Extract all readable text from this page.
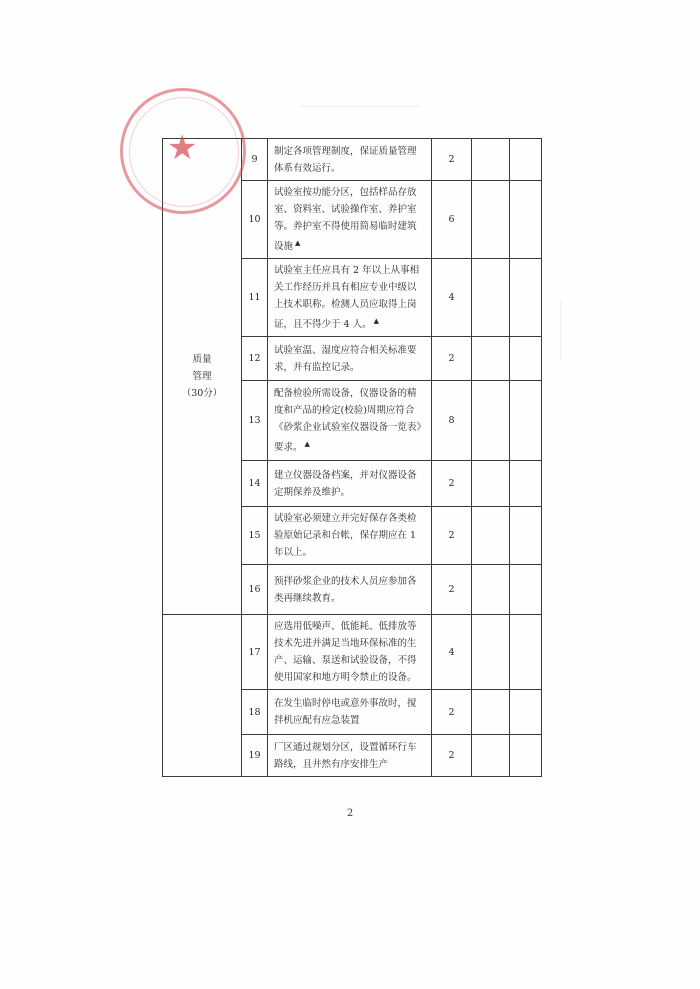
质量
管理
（30分）	9	制定各项管理制度，保证质量管理体系有效运行。	2		
	10	试验室按功能分区，包括样品存放室、资料室、试验操作室、养护室等。养护室不得使用简易临时建筑设施 ▲	6		
	11	试验室主任应具有 2 年以上从事相关工作经历并具有相应专业中级以上技术职称。检测人员应取得上岗证，且不得少于 4 人。 ▲	4		
	12	试验室温、湿度应符合相关标准要求，并有监控记录。	2		
	13	配备检验所需设备，仪器设备的精度和产品的检定(校验)周期应符合《砂浆企业试验室仪器设备一览表》要求。 ▲	8		
	14	建立仪器设备档案，并对仪器设备定期保养及维护。	2		
	15	试验室必须建立并完好保存各类检验原始记录和台帐，保存期应在 1 年以上。	2		
	16	预拌砂浆企业的技术人员应参加各类再继续教育。	2		
	17	应选用低噪声、低能耗、低排放等技术先进并满足当地环保标准的生产、运输、泵送和试验设备，不得使用国家和地方明令禁止的设备。	4		
	18	在发生临时停电或意外事故时，搅拌机应配有应急装置	2		
	19	厂区通过规划分区，设置循环行车路线，且井然有序安排生产	2		
★
2
